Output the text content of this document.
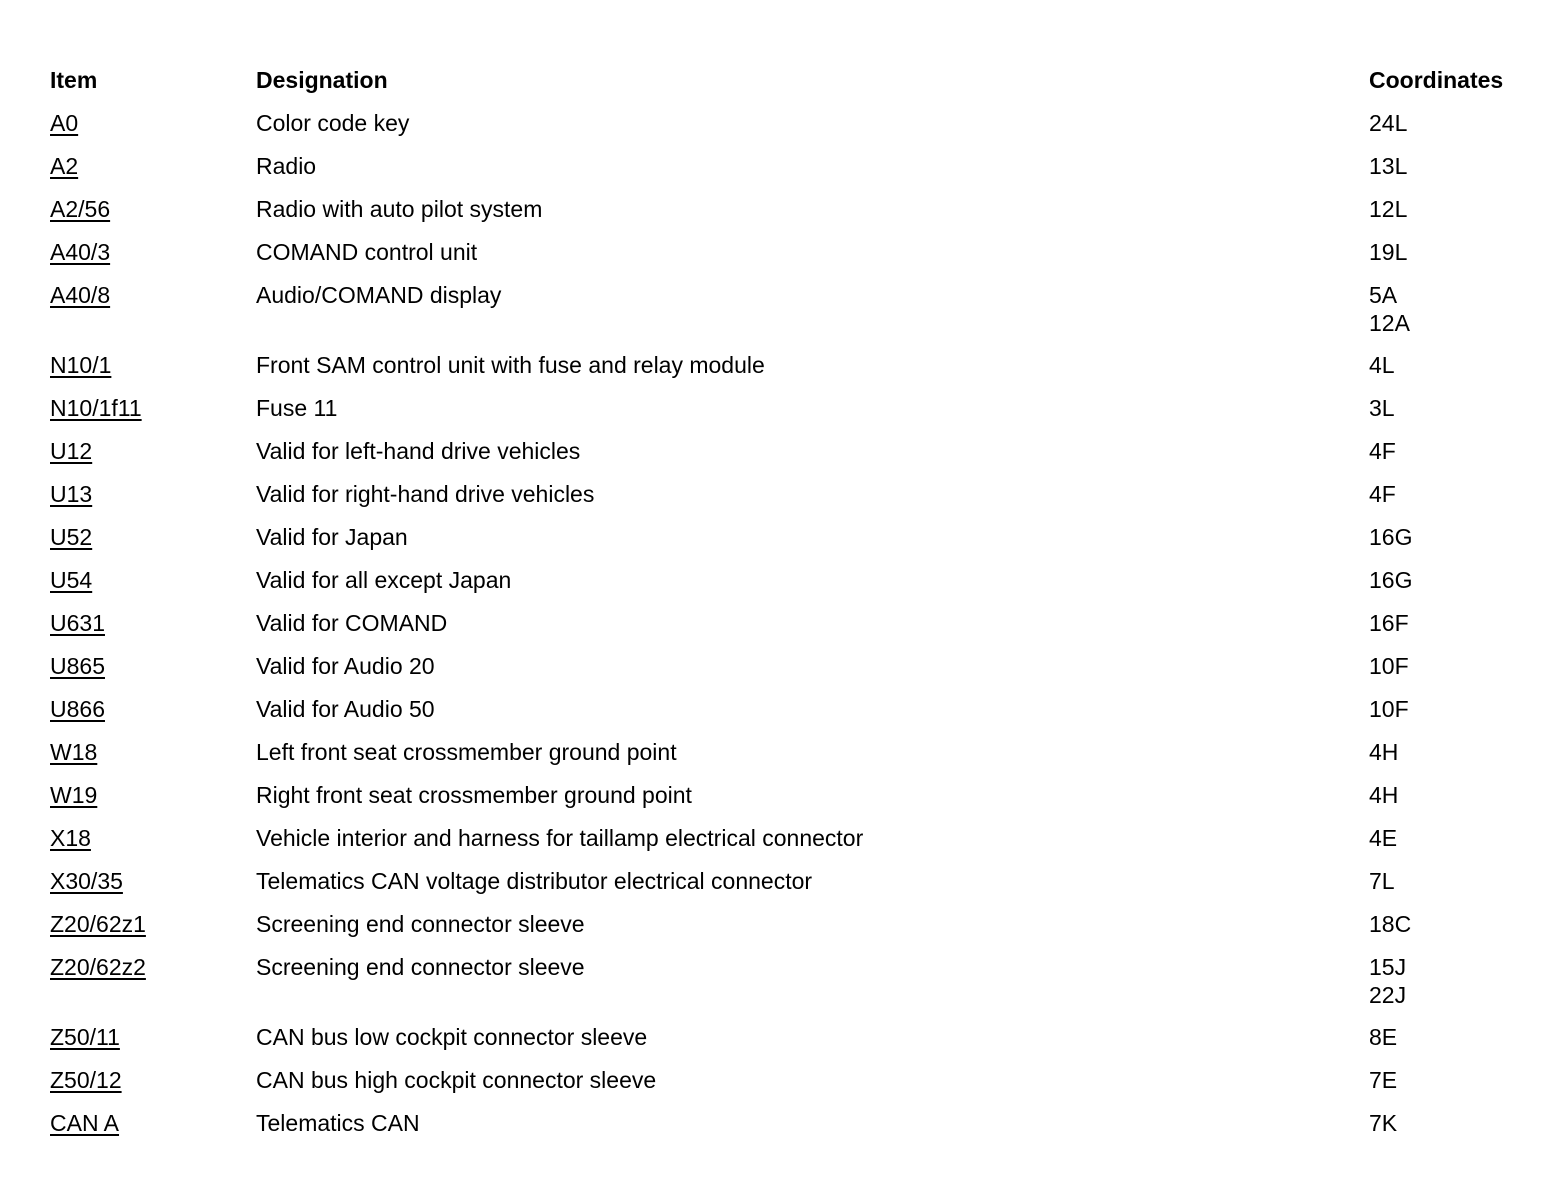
Item	Designation	Coordinates
A0	Color code key	24L
A2	Radio	13L
A2/56	Radio with auto pilot system	12L
A40/3	COMAND control unit	19L
A40/8	Audio/COMAND display	5A
12A
N10/1	Front SAM control unit with fuse and relay module	4L
N10/1f11	Fuse 11	3L
U12	Valid for left-hand drive vehicles	4F
U13	Valid for right-hand drive vehicles	4F
U52	Valid for Japan	16G
U54	Valid for all except Japan	16G
U631	Valid for COMAND	16F
U865	Valid for Audio 20	10F
U866	Valid for Audio 50	10F
W18	Left front seat crossmember ground point	4H
W19	Right front seat crossmember ground point	4H
X18	Vehicle interior and harness for taillamp electrical connector	4E
X30/35	Telematics CAN voltage distributor electrical connector	7L
Z20/62z1	Screening end connector sleeve	18C
Z20/62z2	Screening end connector sleeve	15J
22J
Z50/11	CAN bus low cockpit connector sleeve	8E
Z50/12	CAN bus high cockpit connector sleeve	7E
CAN A	Telematics CAN	7K
